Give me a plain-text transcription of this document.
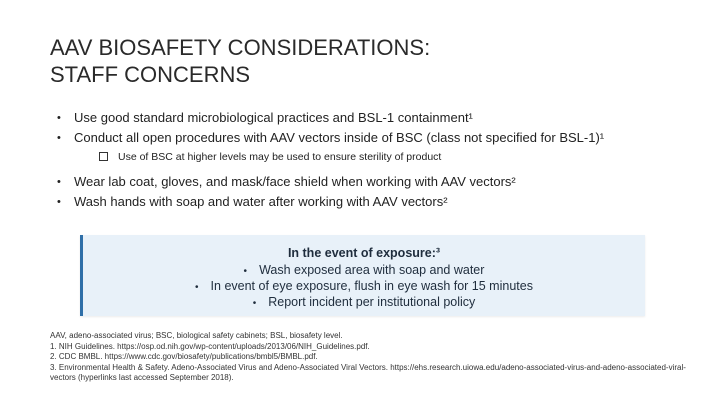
AAV BIOSAFETY CONSIDERATIONS:
STAFF CONCERNS
• Use good standard microbiological practices and BSL-1 containment¹
• Conduct all open procedures with AAV vectors inside of BSC (class not specified for BSL-1)¹
Use of BSC at higher levels may be used to ensure sterility of product
• Wear lab coat, gloves, and mask/face shield when working with AAV vectors²
• Wash hands with soap and water after working with AAV vectors²
In the event of exposure:³
• Wash exposed area with soap and water
• In event of eye exposure, flush in eye wash for 15 minutes
• Report incident per institutional policy
AAV, adeno-associated virus; BSC, biological safety cabinets; BSL, biosafety level.
1. NIH Guidelines. https://osp.od.nih.gov/wp-content/uploads/2013/06/NIH_Guidelines.pdf.
2. CDC BMBL. https://www.cdc.gov/biosafety/publications/bmbl5/BMBL.pdf.
3. Environmental Health & Safety. Adeno-Associated Virus and Adeno-Associated Viral Vectors. https://ehs.research.uiowa.edu/adeno-associated-virus-and-adeno-associated-viral-vectors (hyperlinks last accessed September 2018).
